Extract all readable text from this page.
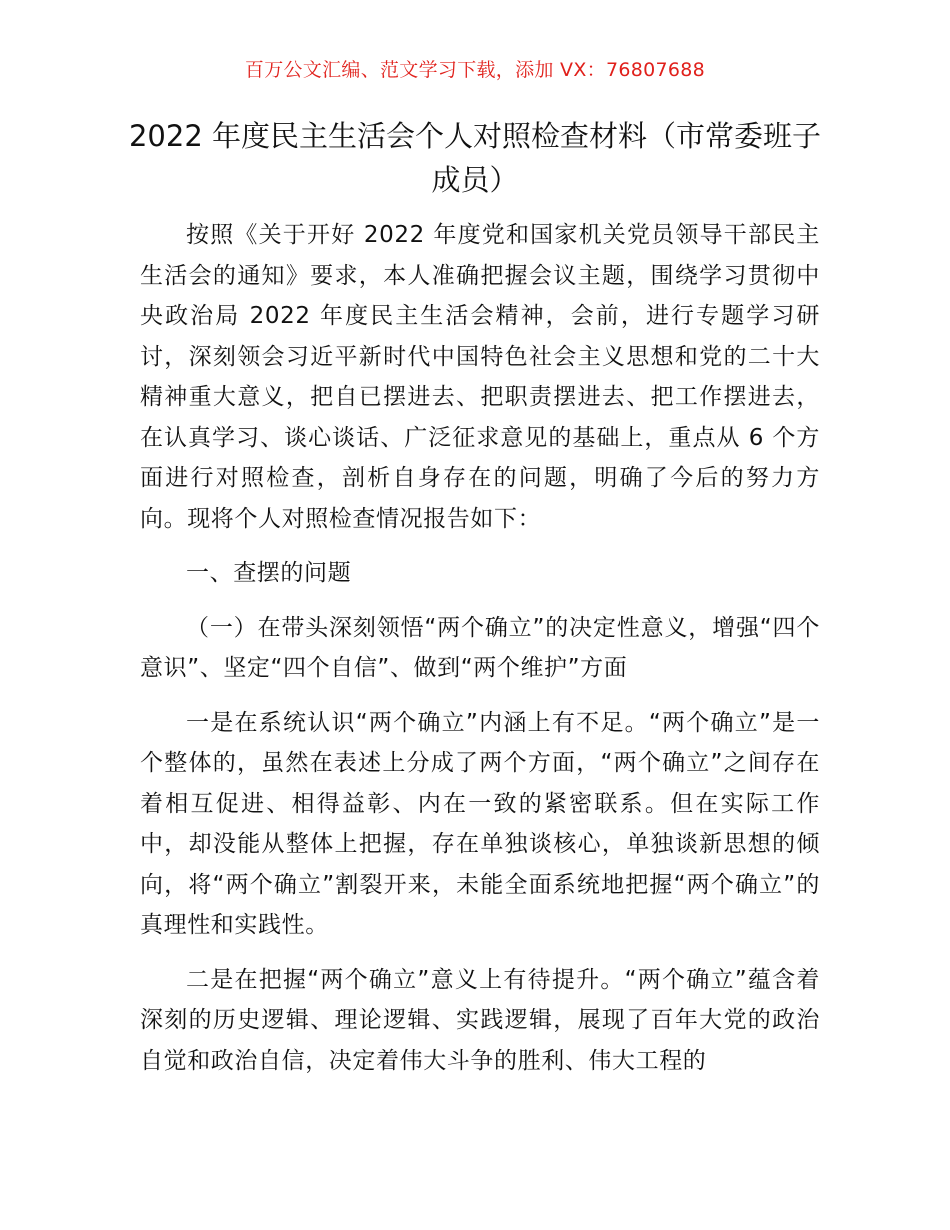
百万公文汇编、范文学习下载，添加 VX：76807688
2022 年度民主生活会个人对照检查材料（市常委班子成员）

按照《关于开好 2022 年度党和国家机关党员领导干部民主生活会的通知》要求，本人准确把握会议主题，围绕学习贯彻中央政治局 2022 年度民主生活会精神，会前，进行专题学习研讨，深刻领会习近平新时代中国特色社会主义思想和党的二十大精神重大意义，把自已摆进去、把职责摆进去、把工作摆进去，在认真学习、谈心谈话、广泛征求意见的基础上，重点从 6 个方面进行对照检查，剖析自身存在的问题，明确了今后的努力方向。现将个人对照检查情况报告如下：

一、查摆的问题

（一）在带头深刻领悟“两个确立”的决定性意义，增强“四个意识”、坚定“四个自信”、做到“两个维护”方面

一是在系统认识“两个确立”内涵上有不足。“两个确立”是一个整体的，虽然在表述上分成了两个方面，“两个确立”之间存在着相互促进、相得益彰、内在一致的紧密联系。但在实际工作中，却没能从整体上把握，存在单独谈核心，单独谈新思想的倾向，将“两个确立”割裂开来，未能全面系统地把握“两个确立”的真理性和实践性。

二是在把握“两个确立”意义上有待提升。“两个确立”蕴含着深刻的历史逻辑、理论逻辑、实践逻辑，展现了百年大党的政治自觉和政治自信，决定着伟大斗争的胜利、伟大工程的
